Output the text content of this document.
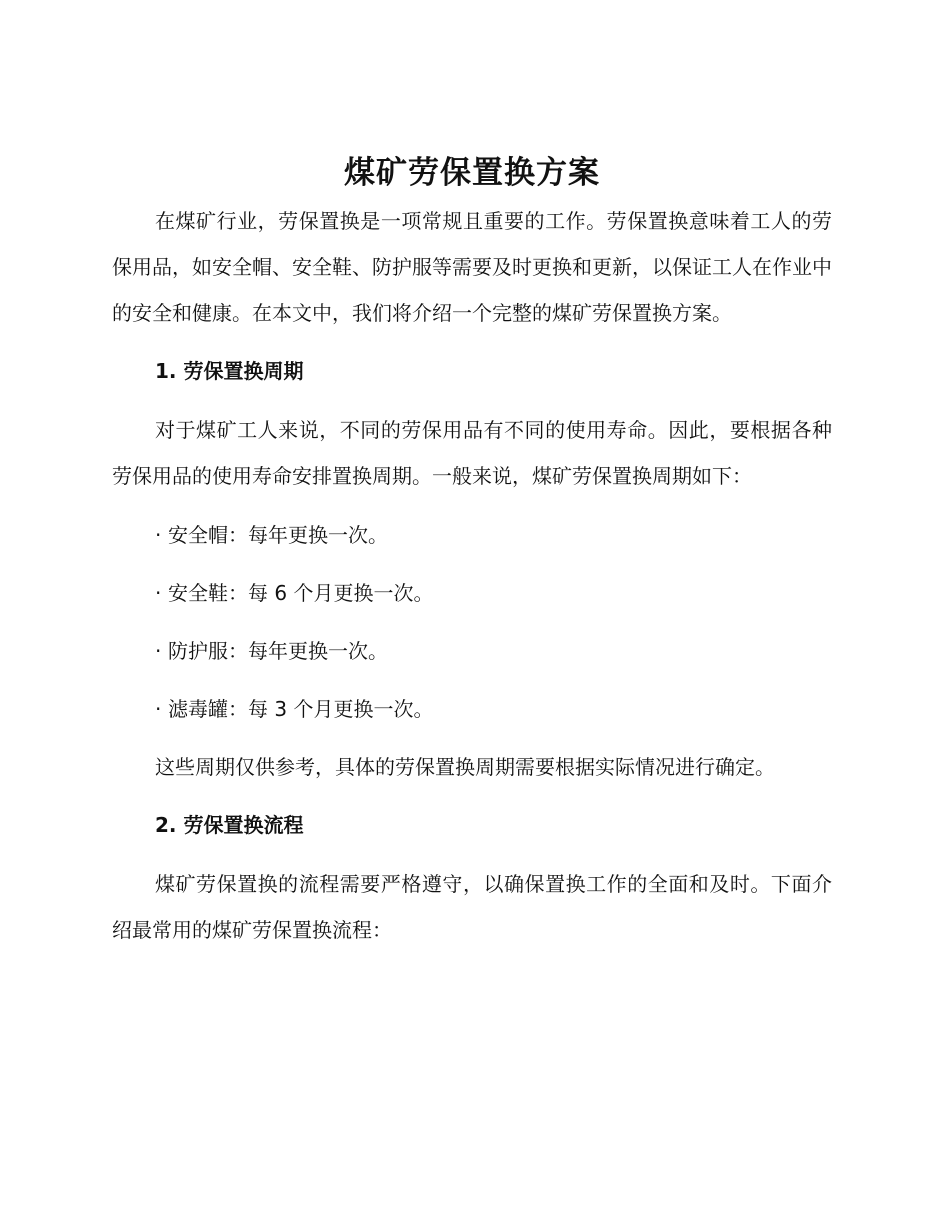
煤矿劳保置换方案

在煤矿行业，劳保置换是一项常规且重要的工作。劳保置换意味着工人的劳保用品，如安全帽、安全鞋、防护服等需要及时更换和更新，以保证工人在作业中的安全和健康。在本文中，我们将介绍一个完整的煤矿劳保置换方案。

1. 劳保置换周期

对于煤矿工人来说，不同的劳保用品有不同的使用寿命。因此，要根据各种劳保用品的使用寿命安排置换周期。一般来说，煤矿劳保置换周期如下：

· 安全帽：每年更换一次。

· 安全鞋：每 6 个月更换一次。

· 防护服：每年更换一次。

· 滤毒罐：每 3 个月更换一次。

这些周期仅供参考，具体的劳保置换周期需要根据实际情况进行确定。

2. 劳保置换流程

煤矿劳保置换的流程需要严格遵守，以确保置换工作的全面和及时。下面介绍最常用的煤矿劳保置换流程：
